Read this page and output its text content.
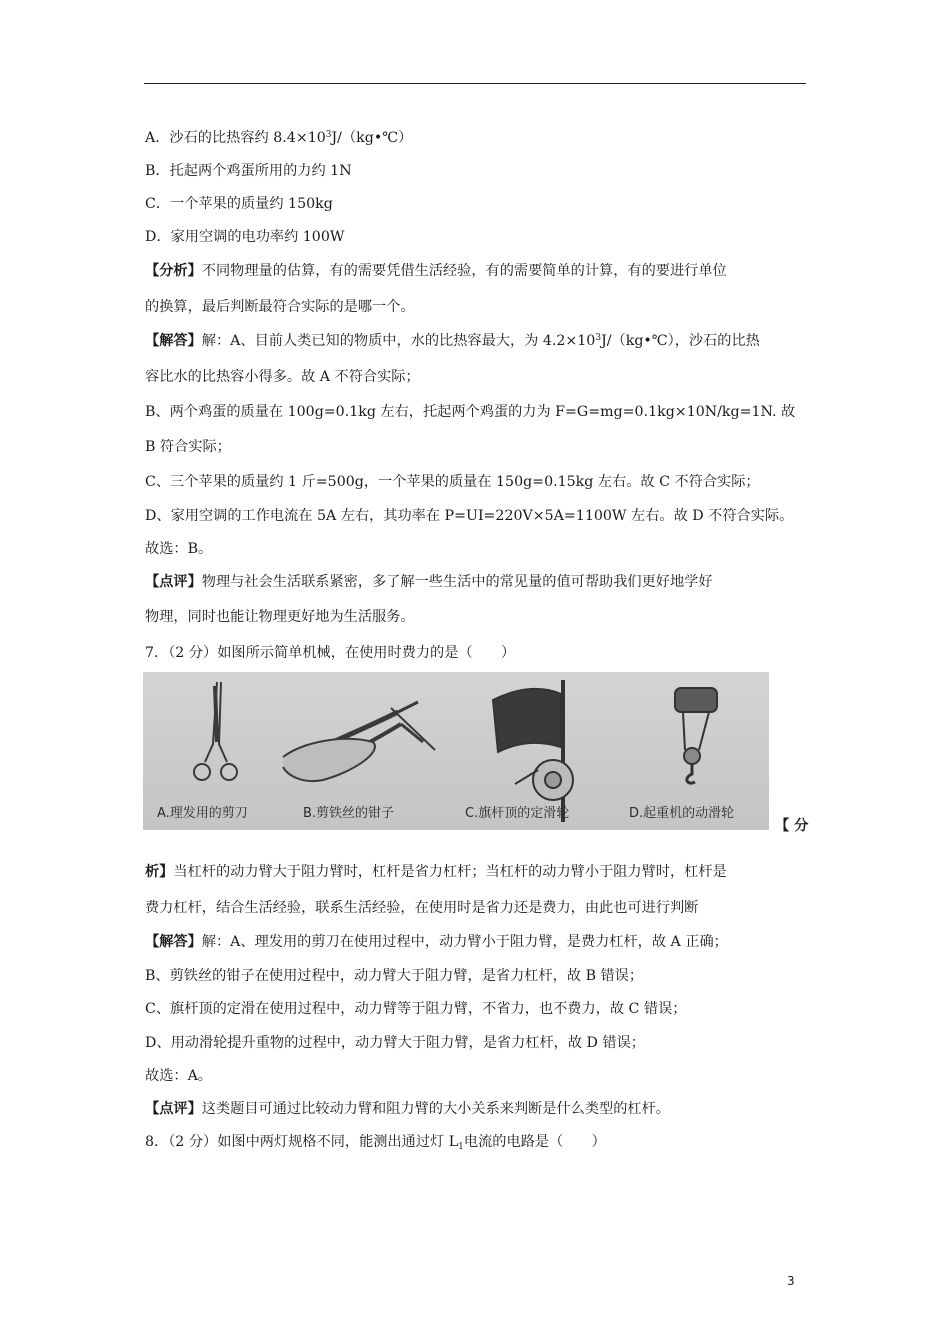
A．沙石的比热容约 $8.4\times 10^3J/(kg•℃)$
B．托起两个鸡蛋所用的力约 1N
C．一个苹果的质量约 150kg
D．家用空调的电功率约 100W
【分析】不同物理量的估算，有的需要凭借生活经验，有的需要简单的计算，有的要进行单位
的换算，最后判断最符合实际的是哪一个。
【解答】解：A、目前人类已知的物质中，水的比热容最大，为 $4.2\times 10^3J/(kg•℃)$，沙石的比热
容比水的比热容小得多。故 A 不符合实际；
B、两个鸡蛋的质量在 100g=0.1kg 左右，托起两个鸡蛋的力为 F=G=mg=0.1kg×10N/kg=1N. 故
B 符合实际；
C、三个苹果的质量约 1 斤=500g，一个苹果的质量在 150g=0.15kg 左右。故 C 不符合实际；
D、家用空调的工作电流在 5A 左右，其功率在 P=UI=220V×5A=1100W 左右。故 D 不符合实际。
故选：B。
【点评】物理与社会生活联系紧密，多了解一些生活中的常见量的值可帮助我们更好地学好
物理，同时也能让物理更好地为生活服务。
7．（2 分）如图所示简单机械，在使用时费力的是（　　）
A.理发用的剪刀	B.剪铁丝的钳子	C.旗杆顶的定滑轮	D.起重机的动滑轮
【 分
析】当杠杆的动力臂大于阻力臂时，杠杆是省力杠杆；当杠杆的动力臂小于阻力臂时，杠杆是
费力杠杆，结合生活经验，联系生活经验，在使用时是省力还是费力，由此也可进行判断
【解答】解：A、理发用的剪刀在使用过程中，动力臂小于阻力臂，是费力杠杆，故 A 正确；
B、剪铁丝的钳子在使用过程中，动力臂大于阻力臂，是省力杠杆，故 B 错误；
C、旗杆顶的定滑在使用过程中，动力臂等于阻力臂，不省力，也不费力，故 C 错误；
D、用动滑轮提升重物的过程中，动力臂大于阻力臂，是省力杠杆，故 D 错误；
故选：A。
【点评】这类题目可通过比较动力臂和阻力臂的大小关系来判断是什么类型的杠杆。
8．（2 分）如图中两灯规格不同，能测出通过灯 $L_1$电流的电路是（　　）
3
